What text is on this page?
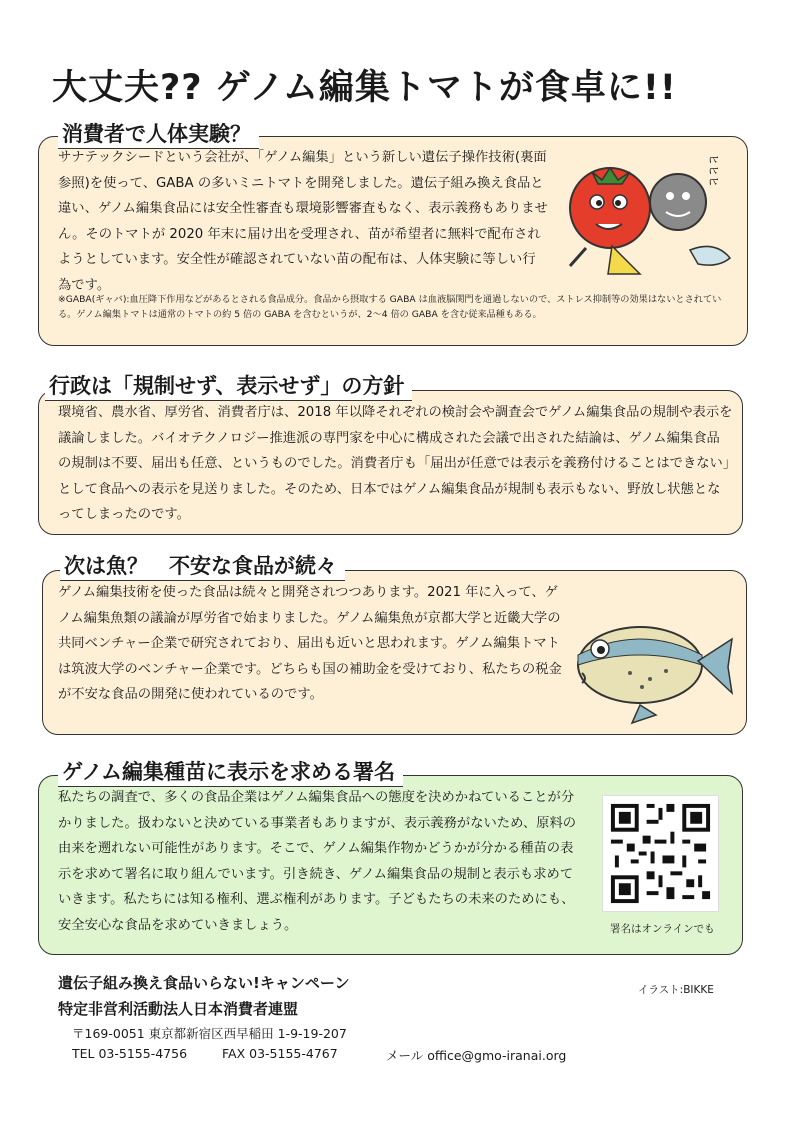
大丈夫?? ゲノム編集トマトが食卓に!!
消費者で人体実験？

サナテックシードという会社が、「ゲノム編集」という新しい遺伝子操作技術(裏面参照)を使って、GABA の多いミニトマトを開発しました。遺伝子組み換え食品と違い、ゲノム編集食品には安全性審査も環境影響審査もなく、表示義務もありません。そのトマトが 2020 年末に届け出を受理され、苗が希望者に無料で配布されようとしています。安全性が確認されていない苗の配布は、人体実験に等しい行為です。

※GABA(ギャバ):血圧降下作用などがあるとされる食品成分。食品から摂取する GABA は血液脳関門を通過しないので、ストレス抑制等の効果はないとされている。ゲノム編集トマトは通常のトマトの約 5 倍の GABA を含むというが、2～4 倍の GABA を含む従来品種もある。

ヒヒヒ
行政は「規制せず、表示せず」の方針

環境省、農水省、厚労省、消費者庁は、2018 年以降それぞれの検討会や調査会でゲノム編集食品の規制や表示を議論しました。バイオテクノロジー推進派の専門家を中心に構成された会議で出された結論は、ゲノム編集食品の規制は不要、届出も任意、というものでした。消費者庁も「届出が任意では表示を義務付けることはできない」として食品への表示を見送りました。そのため、日本ではゲノム編集食品が規制も表示もない、野放し状態となってしまったのです。

次は魚？　不安な食品が続々

ゲノム編集技術を使った食品は続々と開発されつつあります。2021 年に入って、ゲノム編集魚類の議論が厚労省で始まりました。ゲノム編集魚が京都大学と近畿大学の共同ベンチャー企業で研究されており、届出も近いと思われます。ゲノム編集トマトは筑波大学のベンチャー企業です。どちらも国の補助金を受けており、私たちの税金が不安な食品の開発に使われているのです。

ゲノム編集種苗に表示を求める署名

私たちの調査で、多くの食品企業はゲノム編集食品への態度を決めかねていることが分かりました。扱わないと決めている事業者もありますが、表示義務がないため、原料の由来を遡れない可能性があります。そこで、ゲノム編集作物かどうかが分かる種苗の表示を求めて署名に取り組んでいます。引き続き、ゲノム編集食品の規制と表示も求めていきます。私たちには知る権利、選ぶ権利があります。子どもたちの未来のためにも、安全安心な食品を求めていきましょう。	署名はオンラインでも
遺伝子組み換え食品いらない!キャンペーン
特定非営利活動法人日本消費者連盟
〒169-0051 東京都新宿区西早稲田 1-9-19-207
TEL 03-5155-4756	FAX 03-5155-4767	メール office@gmo-iranai.org
イラスト:BIKKE
